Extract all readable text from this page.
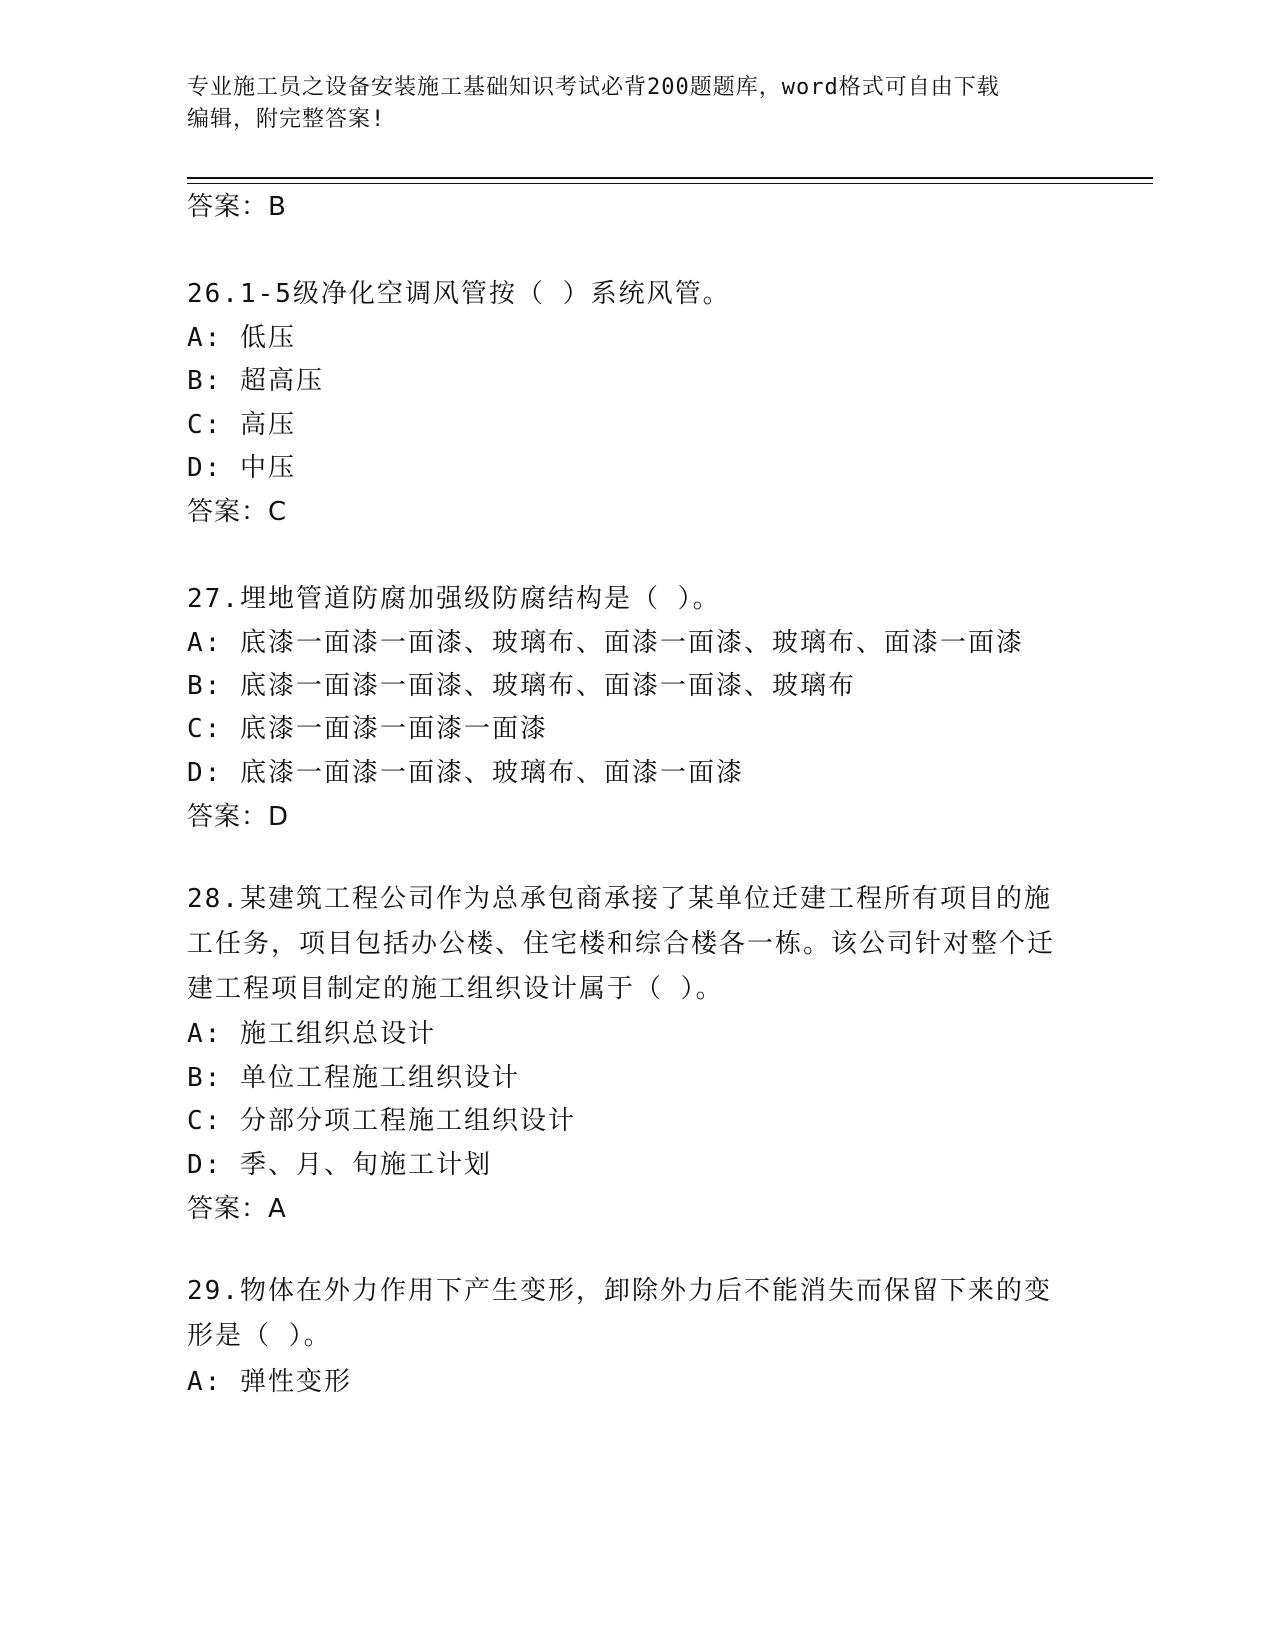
专业施工员之设备安装施工基础知识考试必背200题题库，word格式可自由下载
编辑，附完整答案!
答案：B
26.1-5级净化空调风管按（ ）系统风管。
A: 低压
B: 超高压
C: 高压
D: 中压
答案：C
27.埋地管道防腐加强级防腐结构是（ ）。
A: 底漆一面漆一面漆、玻璃布、面漆一面漆、玻璃布、面漆一面漆
B: 底漆一面漆一面漆、玻璃布、面漆一面漆、玻璃布
C: 底漆一面漆一面漆一面漆
D: 底漆一面漆一面漆、玻璃布、面漆一面漆
答案：D
28.某建筑工程公司作为总承包商承接了某单位迁建工程所有项目的施工任务，项目包括办公楼、住宅楼和综合楼各一栋。该公司针对整个迁建工程项目制定的施工组织设计属于（ ）。
A: 施工组织总设计
B: 单位工程施工组织设计
C: 分部分项工程施工组织设计
D: 季、月、旬施工计划
答案：A
29.物体在外力作用下产生变形，卸除外力后不能消失而保留下来的变形是（ ）。
A: 弹性变形
